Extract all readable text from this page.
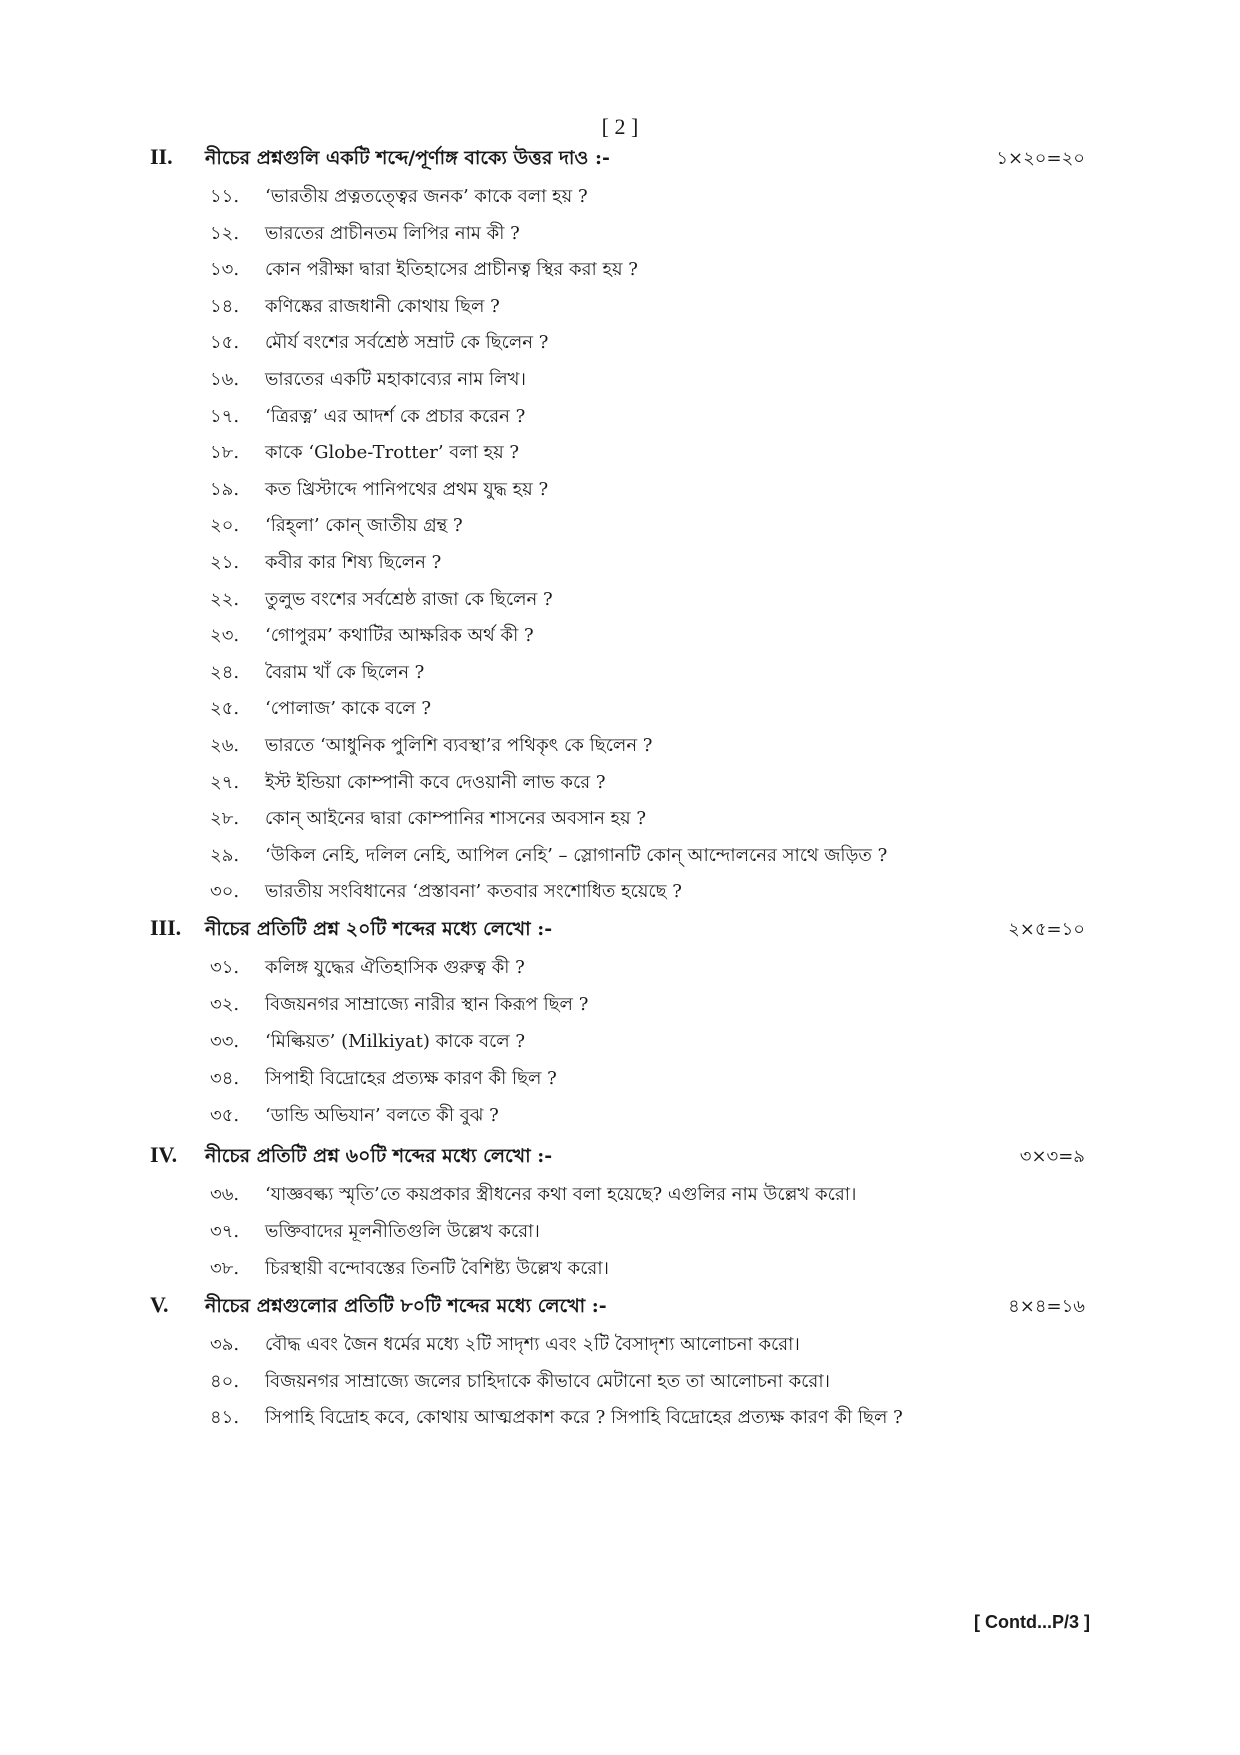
[ 2 ]
II. নীচের প্রশ্নগুলি একটি শব্দে/পূর্ণাঙ্গ বাক্যে উত্তর দাও :-	১×২০=২০
১১. ‘ভারতীয় প্রত্নতত্ত্বের জনক’ কাকে বলা হয় ?
১২. ভারতের প্রাচীনতম লিপির নাম কী ?
১৩. কোন পরীক্ষা দ্বারা ইতিহাসের প্রাচীনত্ব স্থির করা হয় ?
১৪. কণিষ্কের রাজধানী কোথায় ছিল ?
১৫. মৌর্য বংশের সর্বশ্রেষ্ঠ সম্রাট কে ছিলেন ?
১৬. ভারতের একটি মহাকাব্যের নাম লিখ।
১৭. ‘ত্রিরত্ন’ এর আদর্শ কে প্রচার করেন ?
১৮. কাকে ‘Globe-Trotter’ বলা হয় ?
১৯. কত খ্রিস্টাব্দে পানিপথের প্রথম যুদ্ধ হয় ?
২০. ‘রিহ্‌লা’ কোন্ জাতীয় গ্রন্থ ?
২১. কবীর কার শিষ্য ছিলেন ?
২২. তুলুভ বংশের সর্বশ্রেষ্ঠ রাজা কে ছিলেন ?
২৩. ‘গোপুরম’ কথাটির আক্ষরিক অর্থ কী ?
২৪. বৈরাম খাঁ কে ছিলেন ?
২৫. ‘পোলাজ’ কাকে বলে ?
২৬. ভারতে ‘আধুনিক পুলিশি ব্যবস্থা’র পথিকৃৎ কে ছিলেন ?
২৭. ইস্ট ইন্ডিয়া কোম্পানী কবে দেওয়ানী লাভ করে ?
২৮. কোন্ আইনের দ্বারা কোম্পানির শাসনের অবসান হয় ?
২৯. ‘উকিল নেহি, দলিল নেহি, আপিল নেহি’ – স্লোগানটি কোন্ আন্দোলনের সাথে জড়িত ?
৩০. ভারতীয় সংবিধানের ‘প্রস্তাবনা’ কতবার সংশোধিত হয়েছে ?
III. নীচের প্রতিটি প্রশ্ন ২০টি শব্দের মধ্যে লেখো :-	২×৫=১০
৩১. কলিঙ্গ যুদ্ধের ঐতিহাসিক গুরুত্ব কী ?
৩২. বিজয়নগর সাম্রাজ্যে নারীর স্থান কিরূপ ছিল ?
৩৩. ‘মিল্কিয়ত’ (Milkiyat) কাকে বলে ?
৩৪. সিপাহী বিদ্রোহের প্রত্যক্ষ কারণ কী ছিল ?
৩৫. ‘ডান্ডি অভিযান’ বলতে কী বুঝ ?
IV. নীচের প্রতিটি প্রশ্ন ৬০টি শব্দের মধ্যে লেখো :-	৩×৩=৯
৩৬. ‘যাজ্ঞবল্ক্য স্মৃতি’তে কয়প্রকার স্ত্রীধনের কথা বলা হয়েছে? এগুলির নাম উল্লেখ করো।
৩৭. ভক্তিবাদের মূলনীতিগুলি উল্লেখ করো।
৩৮. চিরস্থায়ী বন্দোবস্তের তিনটি বৈশিষ্ট্য উল্লেখ করো।
V. নীচের প্রশ্নগুলোর প্রতিটি ৮০টি শব্দের মধ্যে লেখো :-	৪×৪=১৬
৩৯. বৌদ্ধ এবং জৈন ধর্মের মধ্যে ২টি সাদৃশ্য এবং ২টি বৈসাদৃশ্য আলোচনা করো।
৪০. বিজয়নগর সাম্রাজ্যে জলের চাহিদাকে কীভাবে মেটানো হত তা আলোচনা করো।
৪১. সিপাহি বিদ্রোহ কবে, কোথায় আত্মপ্রকাশ করে ? সিপাহি বিদ্রোহের প্রত্যক্ষ কারণ কী ছিল ?
[ Contd...P/3 ]
